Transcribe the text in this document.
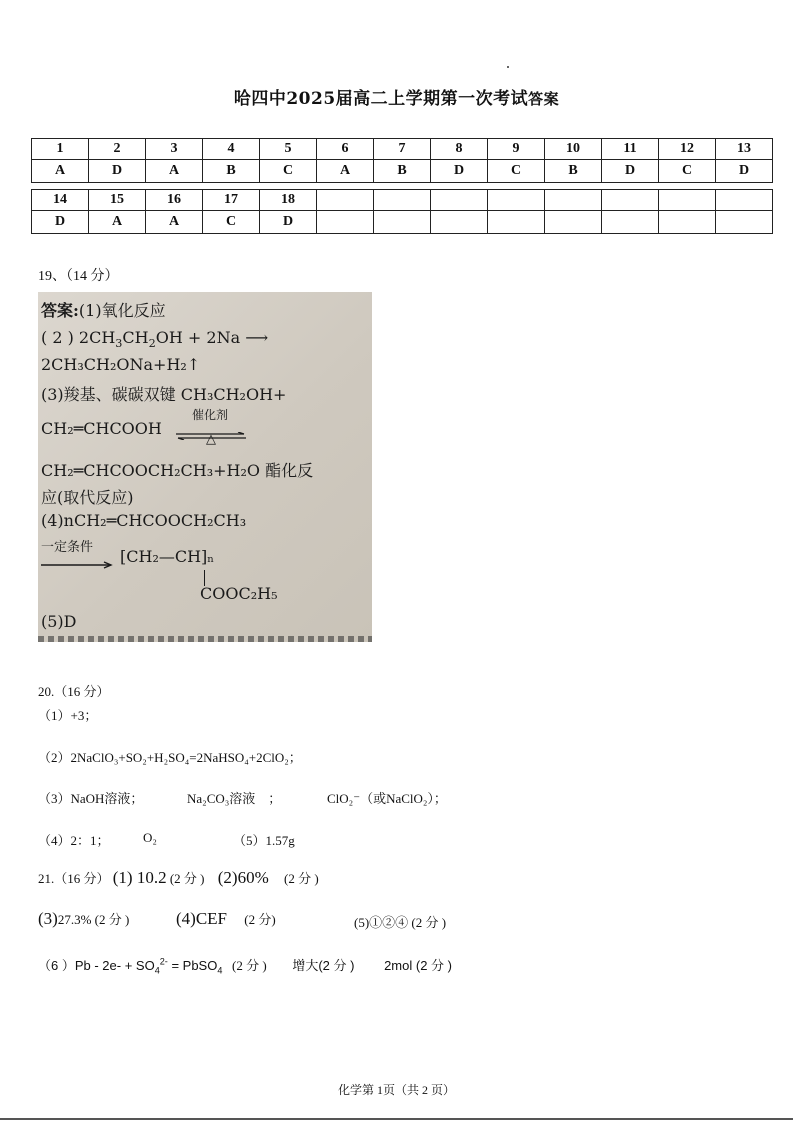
哈四中2025届高二上学期第一次考试答案
1	2	3	4	5	6	7	8	9	10	11	12	13
A	D	A	B	C	A	B	D	C	B	D	C	D

14	15	16	17	18								
D	A	A	C	D								
19、（14 分）
答案:(1)氧化反应
( 2 ) $2CH_3CH_2OH + 2Na$ ⟶
2CH₃CH₂ONa+H₂↑
(3)羧基、碳碳双键 CH₃CH₂OH+
CH₂═CHCOOH
催化剂
△
CH₂═CHCOOCH₂CH₃+H₂O 酯化反
应(取代反应)
(4)nCH₂═CHCOOCH₂CH₃
一定条件 [CH₂—CH]ₙ
COOC₂H₅
(5)D
20.（16 分）
（1）+3；
（2）2NaClO₃+SO₂+H₂SO₄=2NaHSO₄+2ClO₂；
（3）NaOH溶液；	Na₂CO₃溶液　；	ClO₂⁻（或NaClO₂）；
（4）2：1；	O₂	（5）1.57g
21.（16 分） (1) 10.2 (2 分 ) (2)60% (2 分 )
(3)27.3% (2 分 )	(4)CEF (2 分)	(5)①②④ (2 分 )
（6 ）$Pb - 2e- + SO_4^{2-}$ = PbSO$_4$ (2 分 ) 增大(2 分 ) 2mol (2 分 )
化学第 1页（共 2 页）
